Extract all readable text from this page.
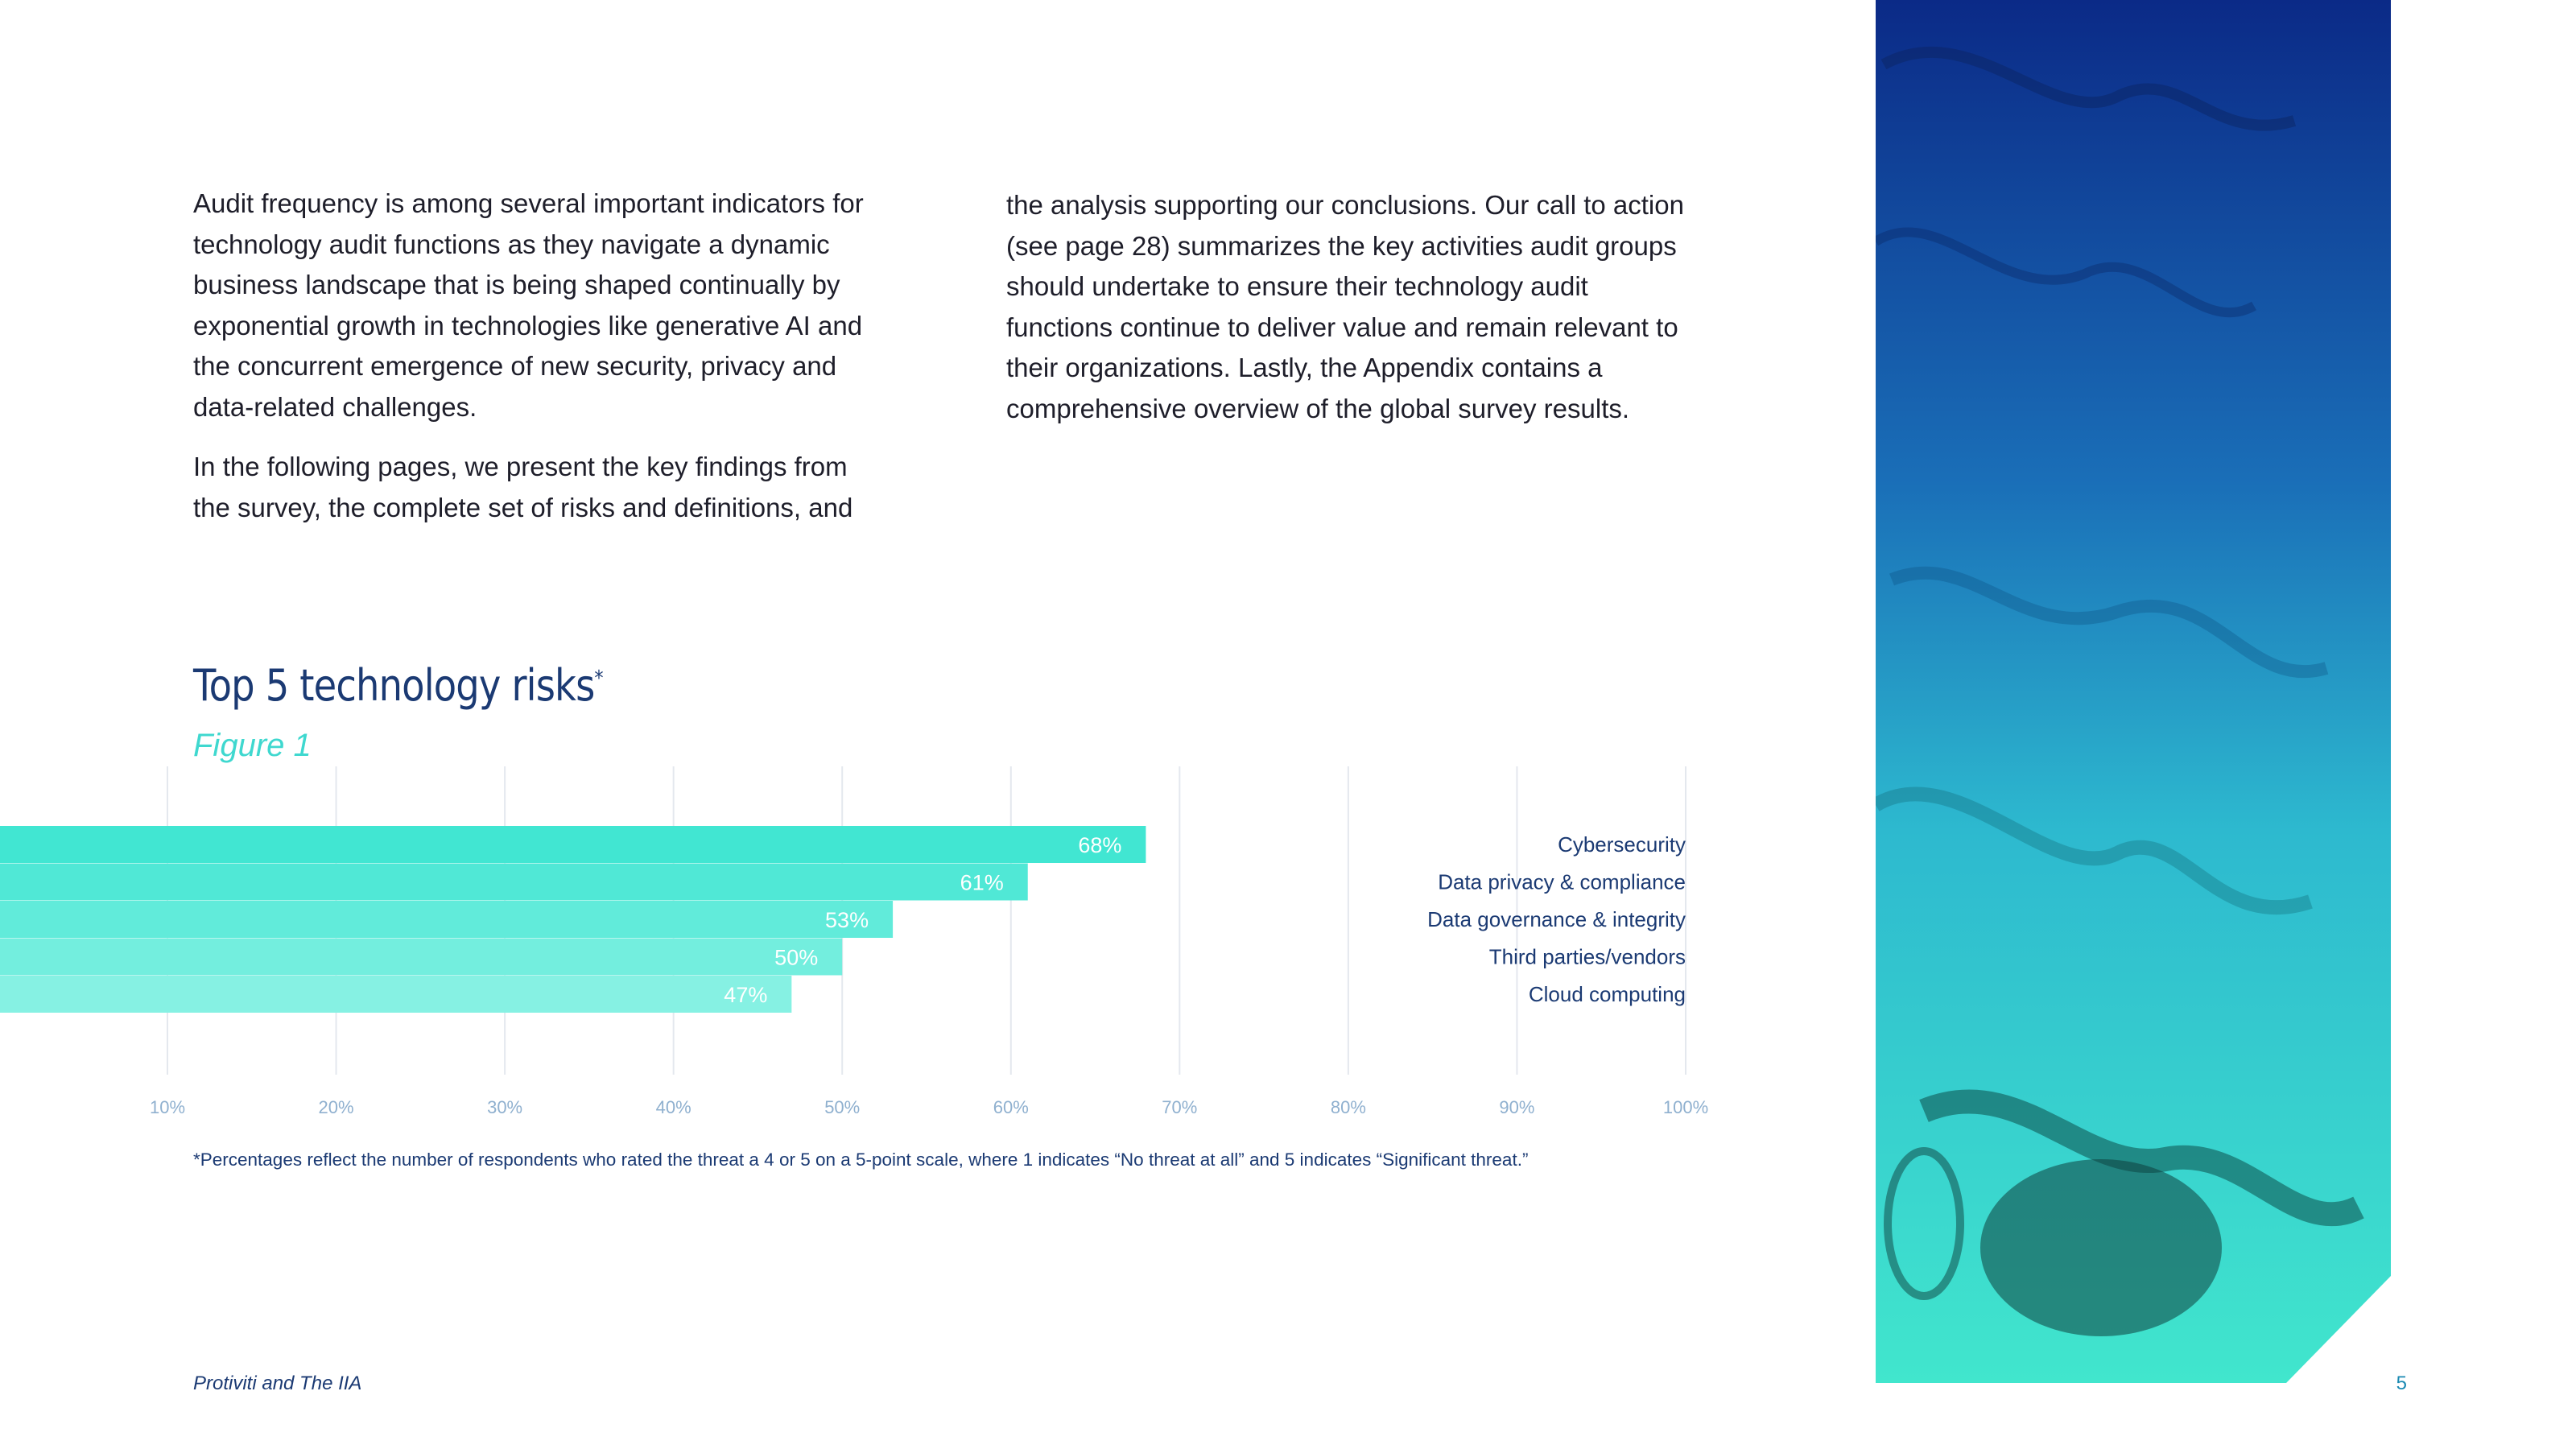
Audit frequency is among several important indicators for technology audit functions as they navigate a dynamic business landscape that is being shaped continually by exponential growth in technologies like generative AI and the concurrent emergence of new security, privacy and data-related challenges.

In the following pages, we present the key findings from the survey, the complete set of risks and definitions, and

the analysis supporting our conclusions. Our call to action (see page 28) summarizes the key activities audit groups should undertake to ensure their technology audit functions continue to deliver value and remain relevant to their organizations. Lastly, the Appendix contains a comprehensive overview of the global survey results.

Top 5 technology risks*
Figure 1
68%
61%
53%
50%
47%
Cybersecurity
Data privacy & compliance
Data governance & integrity
Third parties/vendors
Cloud computing
10%	20%	30%	40%	50%	60%	70%	80%	90%	100%
*Percentages reflect the number of respondents who rated the threat a 4 or 5 on a 5-point scale, where 1 indicates “No threat at all” and 5 indicates “Significant threat.”
Protiviti and The IIA	5
